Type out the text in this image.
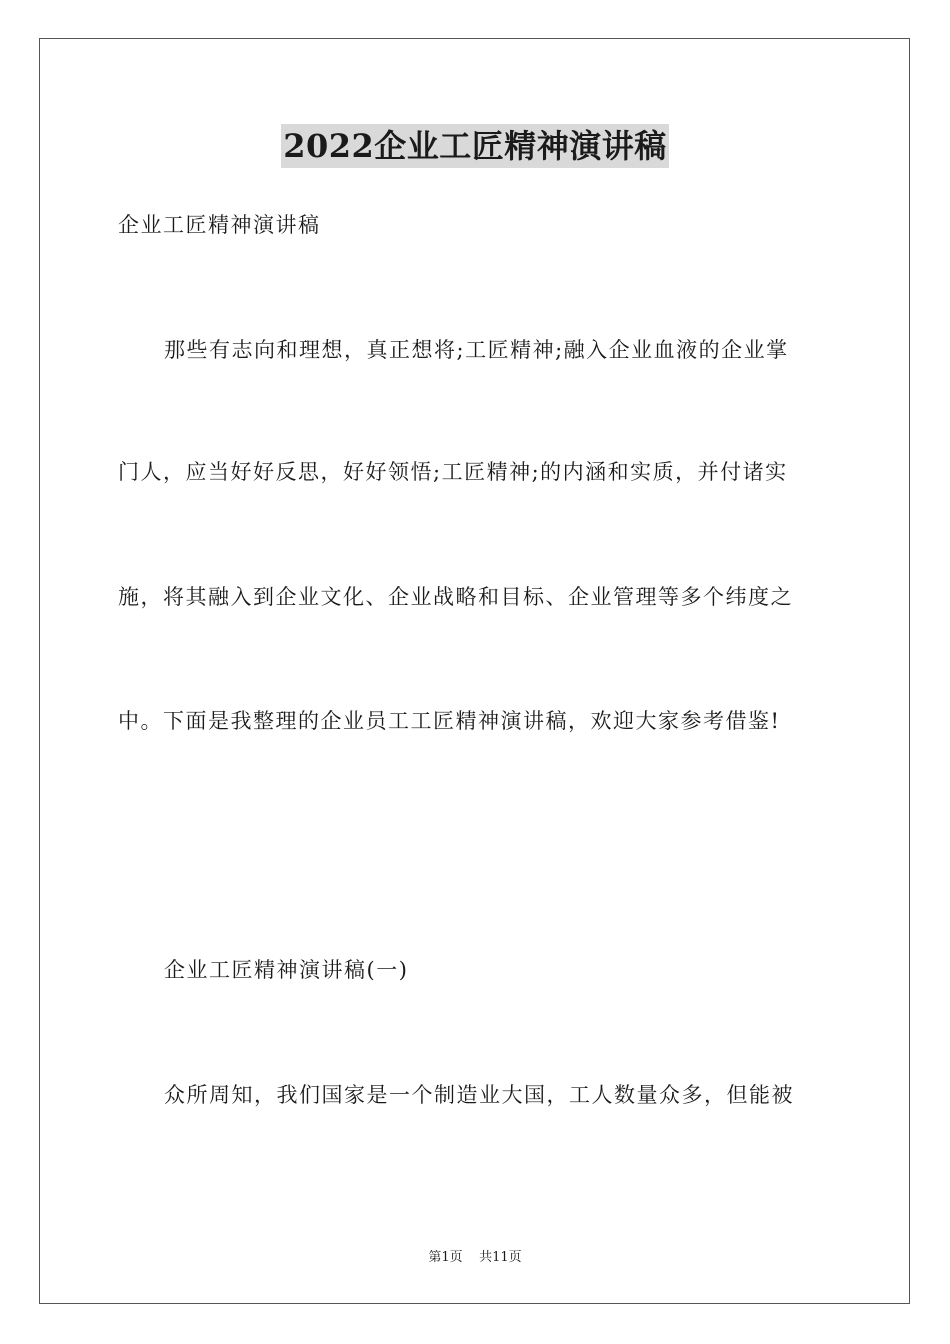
2022企业工匠精神演讲稿
企业工匠精神演讲稿
那些有志向和理想，真正想将;工匠精神;融入企业血液的企业掌
门人，应当好好反思，好好领悟;工匠精神;的内涵和实质，并付诸实
施，将其融入到企业文化、企业战略和目标、企业管理等多个纬度之
中。下面是我整理的企业员工工匠精神演讲稿，欢迎大家参考借鉴!
企业工匠精神演讲稿(一)
众所周知，我们国家是一个制造业大国，工人数量众多，但能被
第1页    共11页
